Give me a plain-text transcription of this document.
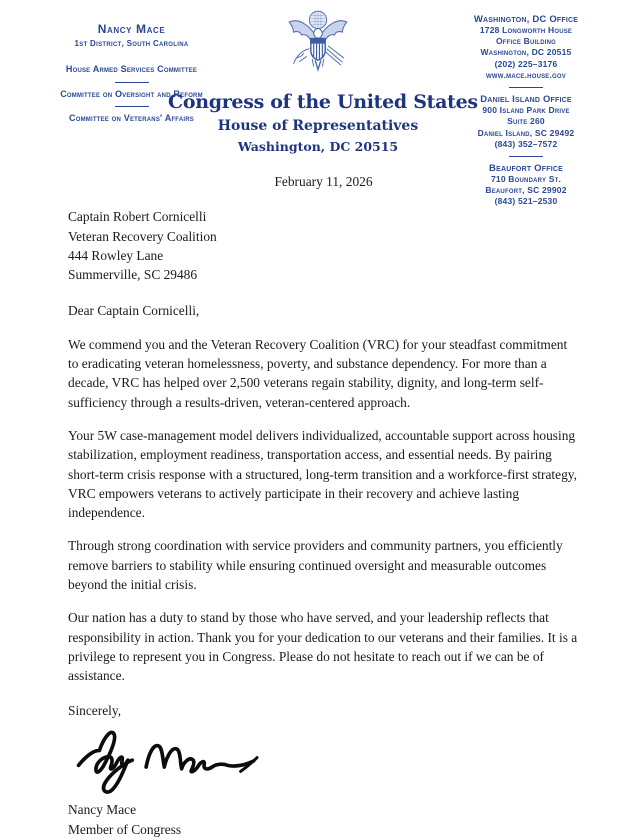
Nancy Mace
1st District, South Carolina
House Armed Services Committee
Committee on Oversight and Reform
Committee on Veterans' Affairs
Congress of the United States
House of Representatives
Washington, DC 20515
Washington, DC Office
1728 Longworth House
Office Building
Washington, DC 20515
(202) 225–3176
www.mace.house.gov
Daniel Island Office
900 Island Park Drive
Suite 260
Daniel Island, SC 29492
(843) 352–7572
Beaufort Office
710 Boundary St.
Beaufort, SC 29902
(843) 521–2530
February 11, 2026
Captain Robert Cornicelli
Veteran Recovery Coalition
444 Rowley Lane
Summerville, SC 29486
Dear Captain Cornicelli,

We commend you and the Veteran Recovery Coalition (VRC) for your steadfast commitment to eradicating veteran homelessness, poverty, and substance dependency. For more than a decade, VRC has helped over 2,500 veterans regain stability, dignity, and long-term self-sufficiency through a results-driven, veteran-centered approach.

Your 5W case-management model delivers individualized, accountable support across housing stabilization, employment readiness, transportation access, and essential needs. By pairing short-term crisis response with a structured, long-term transition and a workforce-first strategy, VRC empowers veterans to actively participate in their recovery and achieve lasting independence.

Through strong coordination with service providers and community partners, you efficiently remove barriers to stability while ensuring continued oversight and measurable outcomes beyond the initial crisis.

Our nation has a duty to stand by those who have served, and your leadership reflects that responsibility in action. Thank you for your dedication to our veterans and their families. It is a privilege to represent you in Congress. Please do not hesitate to reach out if we can be of assistance.

Sincerely,
Nancy Mace
Member of Congress
